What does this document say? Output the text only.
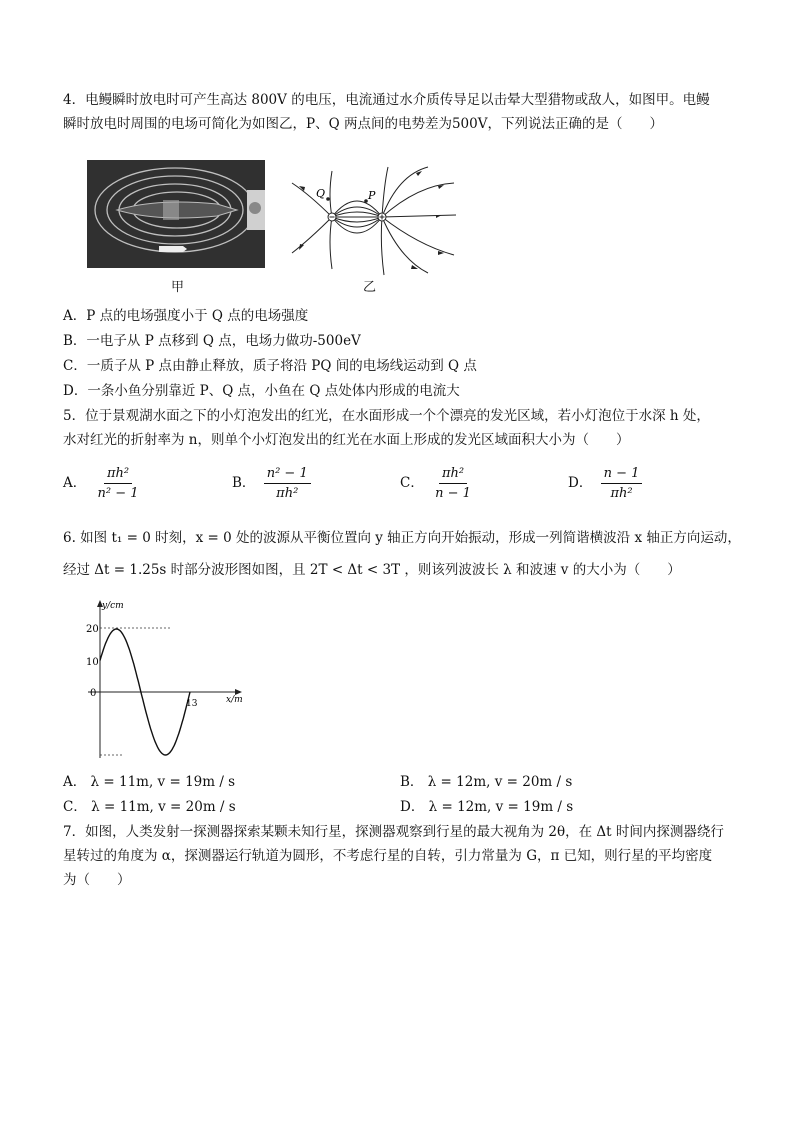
4．电鳗瞬时放电时可产生高达 800V 的电压，电流通过水介质传导足以击晕大型猎物或敌人，如图甲。电鳗
瞬时放电时周围的电场可简化为如图乙，P、Q 两点间的电势差为500V，下列说法正确的是（　　）
甲
Q	P
乙
A．P 点的电场强度小于 Q 点的电场强度
B．一电子从 P 点移到 Q 点，电场力做功-500eV
C．一质子从 P 点由静止释放，质子将沿 PQ 间的电场线运动到 Q 点
D．一条小鱼分别靠近 P、Q 点，小鱼在 Q 点处体内形成的电流大
5．位于景观湖水面之下的小灯泡发出的红光，在水面形成一个个漂亮的发光区域，若小灯泡位于水深 h 处，
水对红光的折射率为 n，则单个小灯泡发出的红光在水面上形成的发光区域面积大小为（　　）
A． $\frac{\text{πh²}}{\text{n² − 1}}$	B． $\frac{\text{n² − 1}}{\text{πh²}}$	C． $\frac{\text{πh²}}{n - 1}$	D． $\frac{n - 1}{\text{πh²}}$
6. 如图 t₁ = 0 时刻，x = 0 处的波源从平衡位置向 y 轴正方向开始振动，形成一列简谐横波沿 x 轴正方向运动，
经过 Δt = 1.25s 时部分波形图如图，且 2T < Δt < 3T ，则该列波波长 λ 和波速 v 的大小为（　　）
y/cm
x/m
20
10
0
13
A． λ = 11m, v = 19m / s	B． λ = 12m, v = 20m / s
C． λ = 11m, v = 20m / s	D． λ = 12m, v = 19m / s
7．如图，人类发射一探测器探索某颗未知行星，探测器观察到行星的最大视角为 2θ，在 Δt 时间内探测器绕行
星转过的角度为 α，探测器运行轨道为圆形，不考虑行星的自转，引力常量为 G，π 已知，则行星的平均密度
为（　　）
